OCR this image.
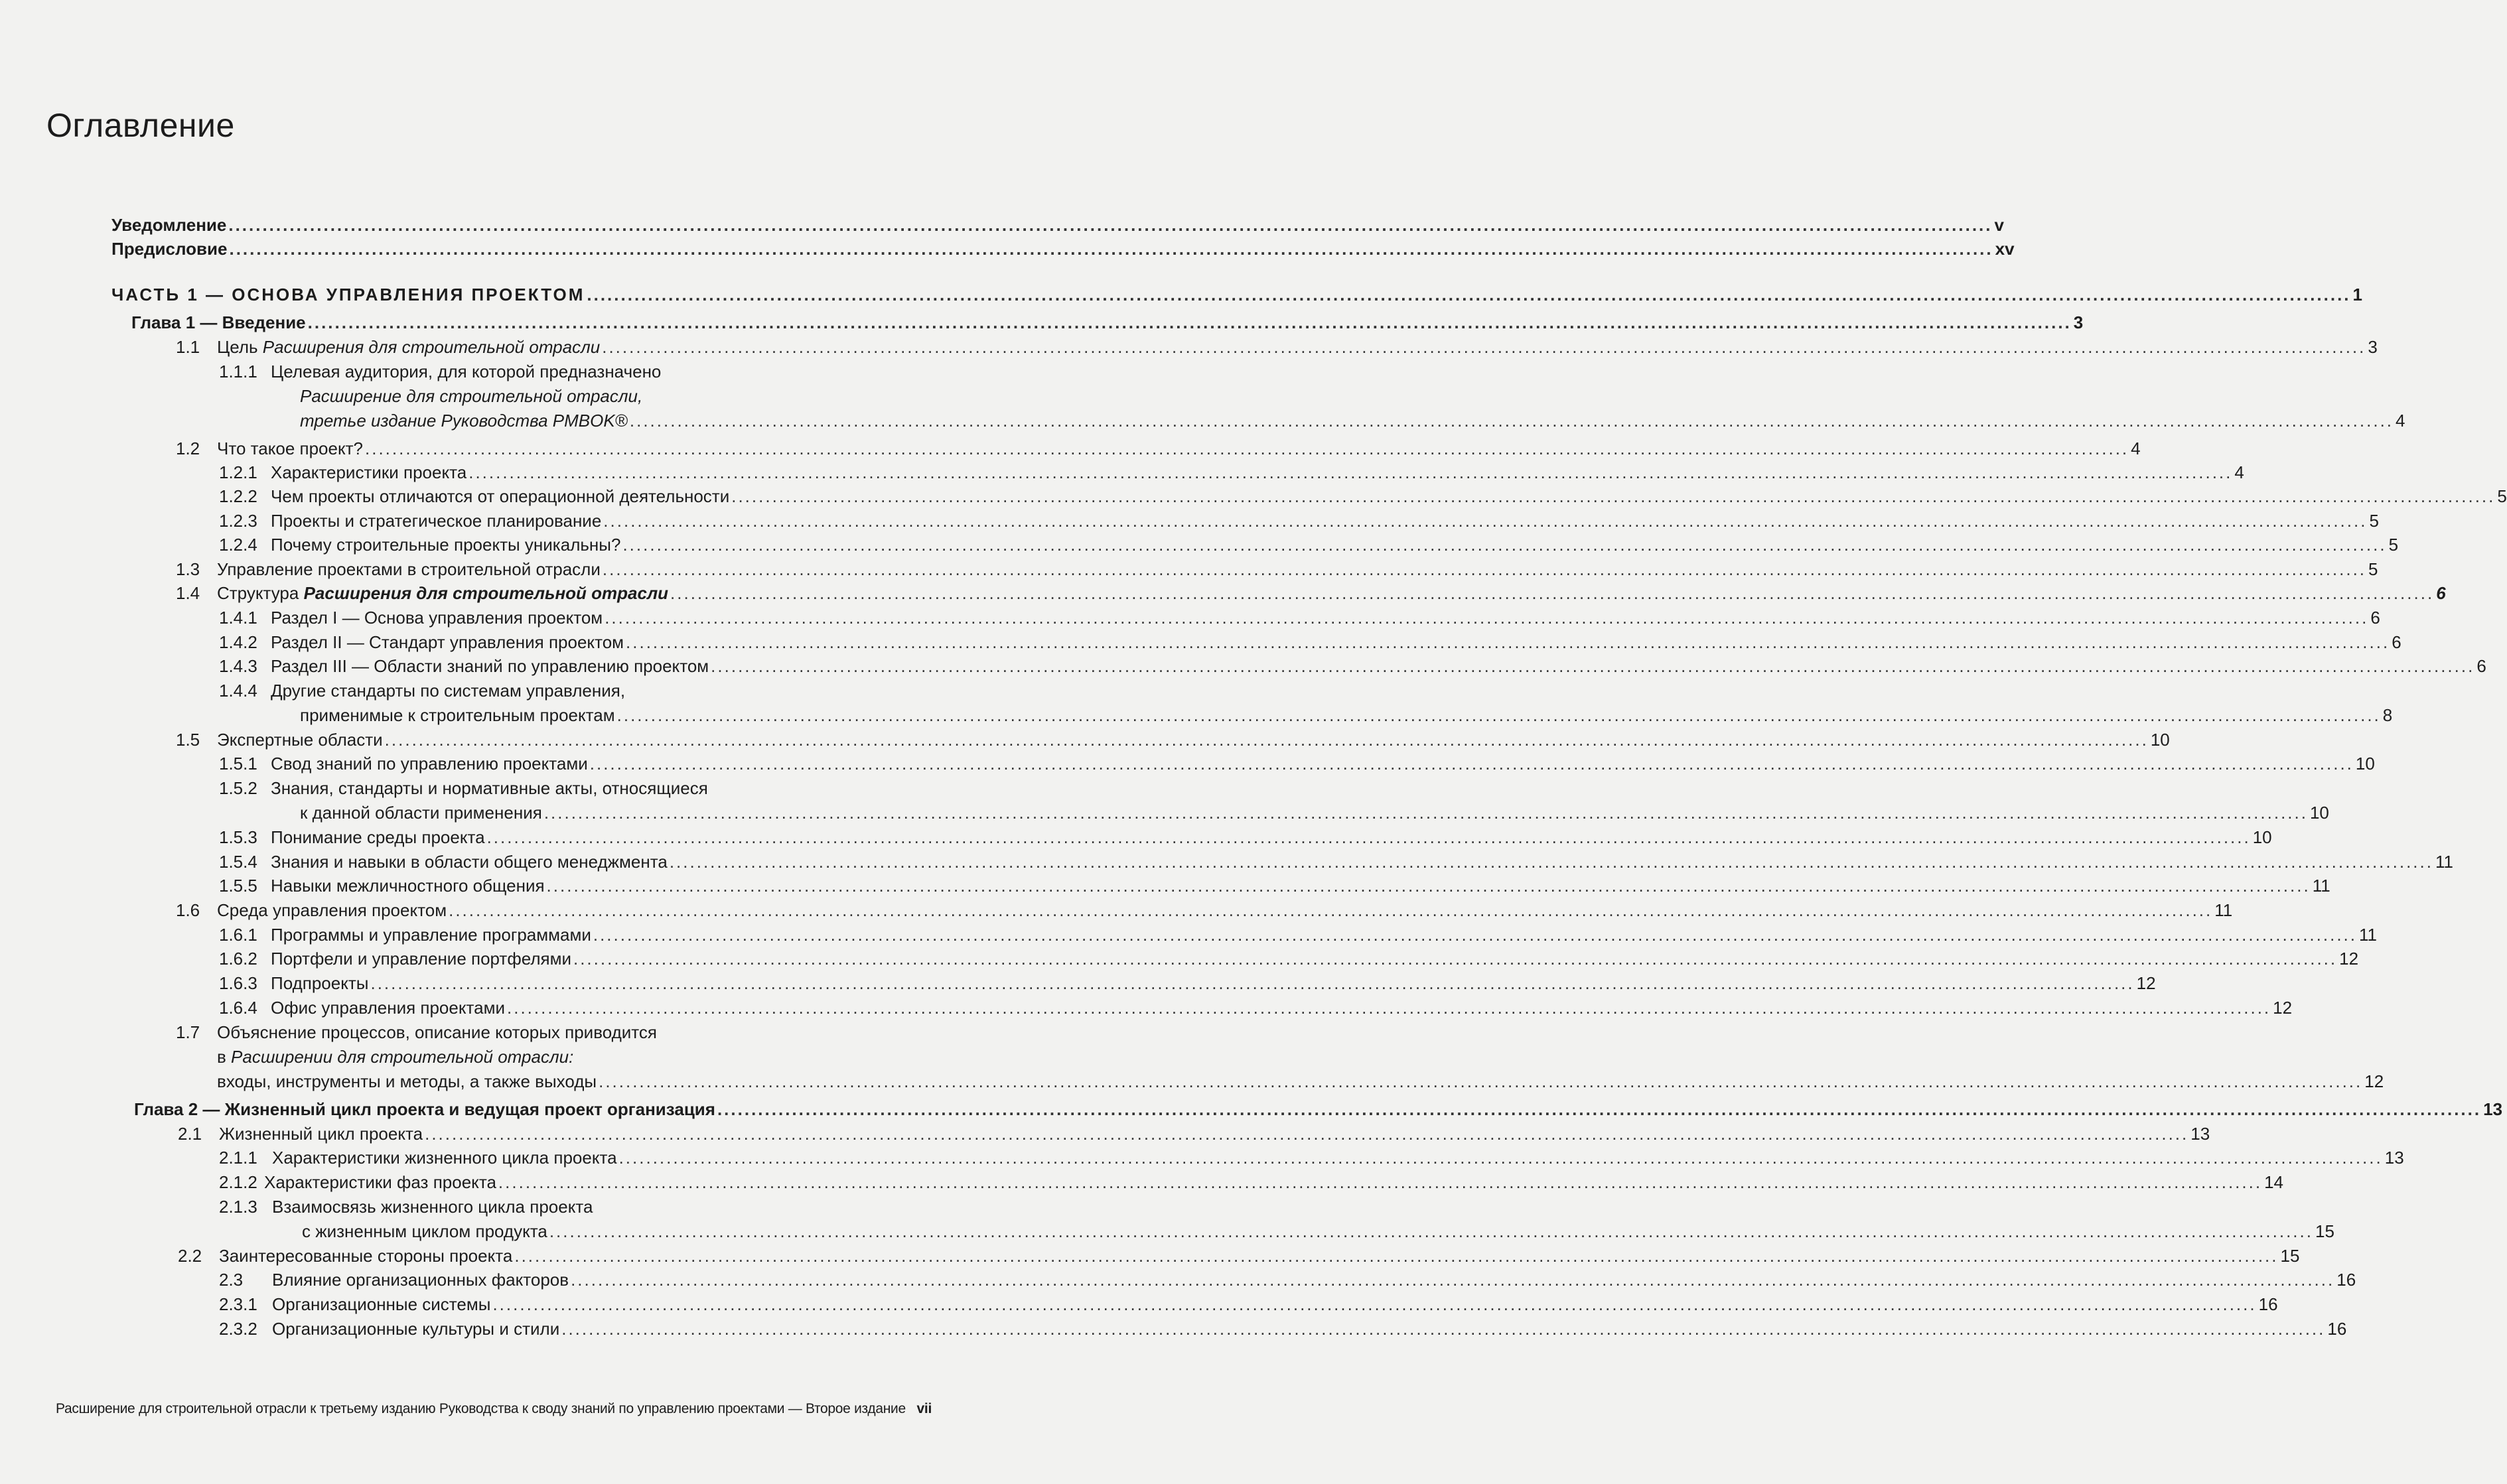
Оглавление
Уведомление .................................................................................................................................................................................................................................................................... v
Предисловие .................................................................................................................................................................................................................................................................... xv
ЧАСТЬ 1 — ОСНОВА УПРАВЛЕНИЯ ПРОЕКТОМ .................................................................................................................................................................................................................................................................... 1
Глава 1 — Введение .................................................................................................................................................................................................................................................................... 3
1.1 Цель Расширения для строительной отрасли .................................................................................................................................................................................................................................................................... 3
1.1.1 Целевая аудитория, для которой предназначено
Расширение для строительной отрасли,
третье издание Руководства PMBOK® .................................................................................................................................................................................................................................................................... 4
1.2 Что такое проект? .................................................................................................................................................................................................................................................................... 4
1.2.1 Характеристики проекта .................................................................................................................................................................................................................................................................... 4
1.2.2 Чем проекты отличаются от операционной деятельности .................................................................................................................................................................................................................................................................... 5
1.2.3 Проекты и стратегическое планирование .................................................................................................................................................................................................................................................................... 5
1.2.4 Почему строительные проекты уникальны? .................................................................................................................................................................................................................................................................... 5
1.3 Управление проектами в строительной отрасли .................................................................................................................................................................................................................................................................... 5
1.4 Структура Расширения для строительной отрасли .................................................................................................................................................................................................................................................................... 6
1.4.1 Раздел I — Основа управления проектом .................................................................................................................................................................................................................................................................... 6
1.4.2 Раздел II — Стандарт управления проектом .................................................................................................................................................................................................................................................................... 6
1.4.3 Раздел III — Области знаний по управлению проектом .................................................................................................................................................................................................................................................................... 6
1.4.4 Другие стандарты по системам управления,
применимые к строительным проектам .................................................................................................................................................................................................................................................................... 8
1.5 Экспертные области .................................................................................................................................................................................................................................................................... 10
1.5.1 Свод знаний по управлению проектами .................................................................................................................................................................................................................................................................... 10
1.5.2 Знания, стандарты и нормативные акты, относящиеся
к данной области применения .................................................................................................................................................................................................................................................................... 10
1.5.3 Понимание среды проекта .................................................................................................................................................................................................................................................................... 10
1.5.4 Знания и навыки в области общего менеджмента .................................................................................................................................................................................................................................................................... 11
1.5.5 Навыки межличностного общения .................................................................................................................................................................................................................................................................... 11
1.6 Среда управления проектом .................................................................................................................................................................................................................................................................... 11
1.6.1 Программы и управление программами .................................................................................................................................................................................................................................................................... 11
1.6.2 Портфели и управление портфелями .................................................................................................................................................................................................................................................................... 12
1.6.3 Подпроекты .................................................................................................................................................................................................................................................................... 12
1.6.4 Офис управления проектами .................................................................................................................................................................................................................................................................... 12
1.7 Объяснение процессов, описание которых приводится
в Расширении для строительной отрасли:
входы, инструменты и методы, а также выходы .................................................................................................................................................................................................................................................................... 12
Глава 2 — Жизненный цикл проекта и ведущая проект организация .................................................................................................................................................................................................................................................................... 13
2.1 Жизненный цикл проекта .................................................................................................................................................................................................................................................................... 13
2.1.1 Характеристики жизненного цикла проекта .................................................................................................................................................................................................................................................................... 13
2.1.2 Характеристики фаз проекта .................................................................................................................................................................................................................................................................... 14
2.1.3 Взаимосвязь жизненного цикла проекта
с жизненным циклом продукта .................................................................................................................................................................................................................................................................... 15
2.2 Заинтересованные стороны проекта .................................................................................................................................................................................................................................................................... 15
2.3	Влияние организационных факторов .................................................................................................................................................................................................................................................................... 16
2.3.1 Организационные системы .................................................................................................................................................................................................................................................................... 16
2.3.2 Организационные культуры и стили .................................................................................................................................................................................................................................................................... 16
Расширение для строительной отрасли к третьему изданию Руководства к своду знаний по управлению проектами — Второе издание vii
